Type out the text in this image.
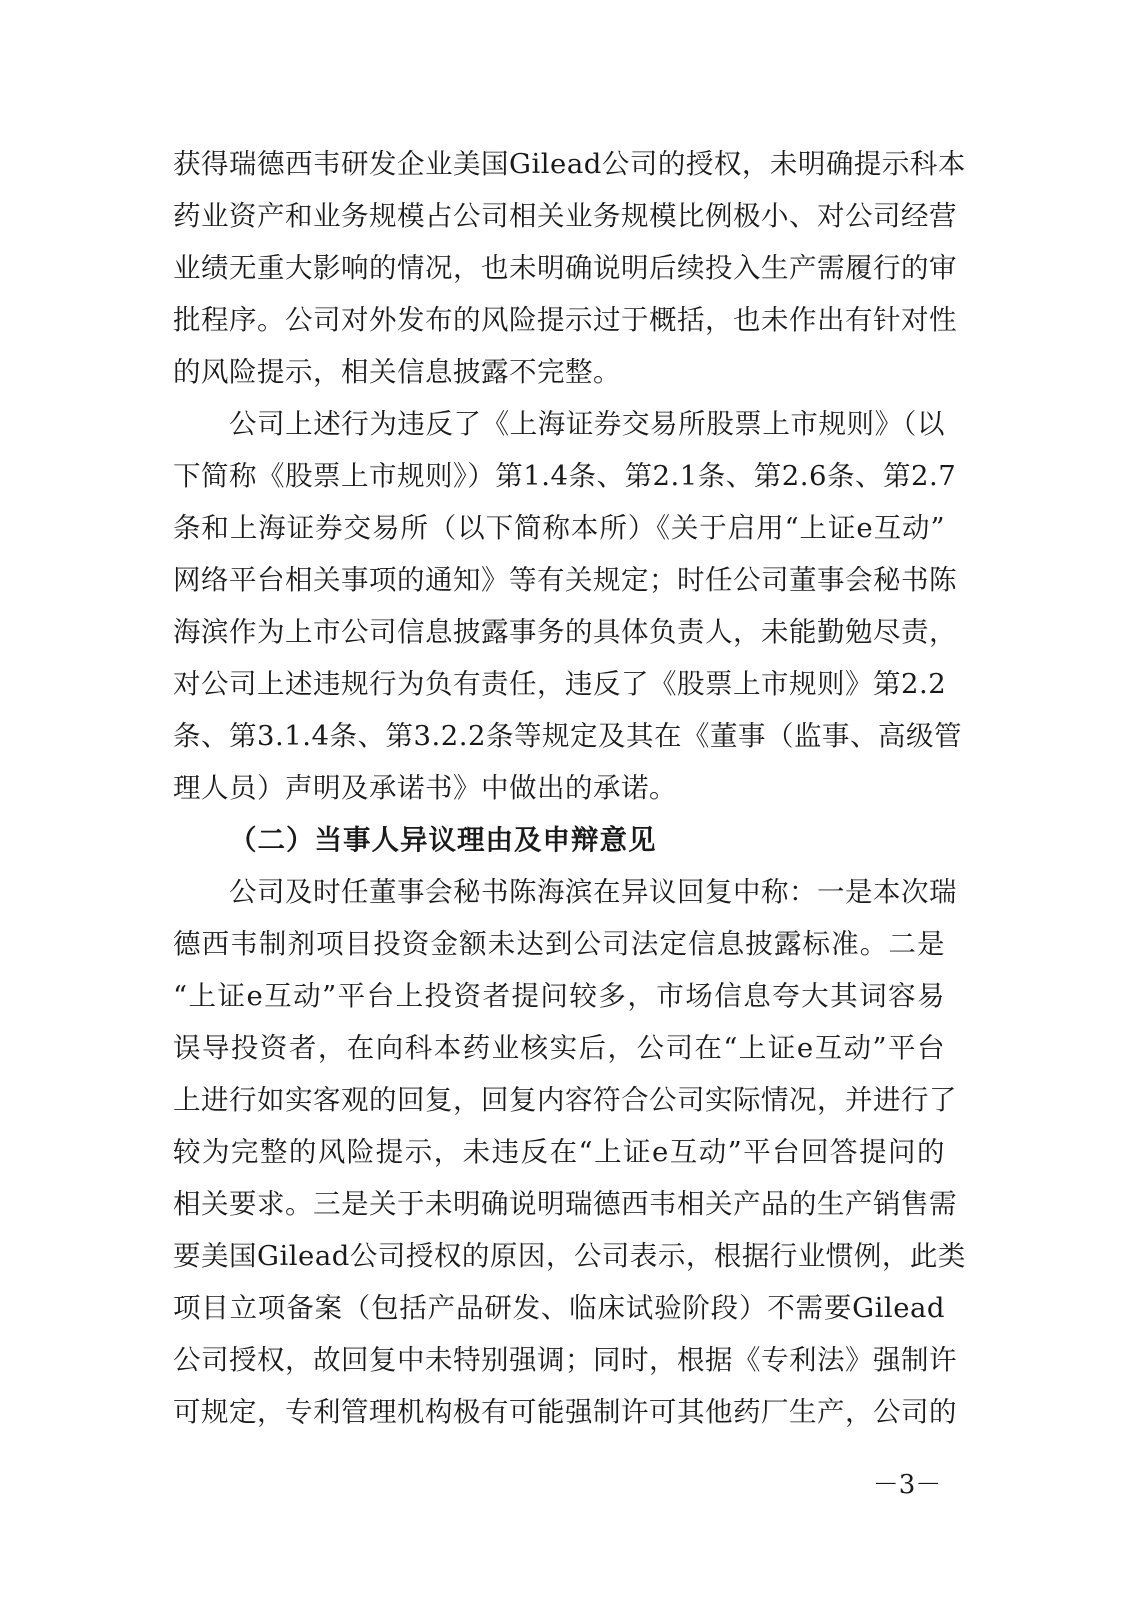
获得瑞德西韦研发企业美国Gilead公司的授权，未明确提示科本
药业资产和业务规模占公司相关业务规模比例极小、对公司经营
业绩无重大影响的情况，也未明确说明后续投入生产需履行的审
批程序。公司对外发布的风险提示过于概括，也未作出有针对性
的风险提示，相关信息披露不完整。
公司上述行为违反了《上海证券交易所股票上市规则》（以
下简称《股票上市规则》）第1.4条、第2.1条、第2.6条、第2.7
条和上海证券交易所（以下简称本所）《关于启用“上证e互动”
网络平台相关事项的通知》等有关规定；时任公司董事会秘书陈
海滨作为上市公司信息披露事务的具体负责人，未能勤勉尽责，
对公司上述违规行为负有责任，违反了《股票上市规则》第2.2
条、第3.1.4条、第3.2.2条等规定及其在《董事（监事、高级管
理人员）声明及承诺书》中做出的承诺。
（二）当事人异议理由及申辩意见
公司及时任董事会秘书陈海滨在异议回复中称：一是本次瑞
德西韦制剂项目投资金额未达到公司法定信息披露标准。二是
“上证e互动”平台上投资者提问较多，市场信息夸大其词容易
误导投资者，在向科本药业核实后，公司在“上证e互动”平台
上进行如实客观的回复，回复内容符合公司实际情况，并进行了
较为完整的风险提示，未违反在“上证e互动”平台回答提问的
相关要求。三是关于未明确说明瑞德西韦相关产品的生产销售需
要美国Gilead公司授权的原因，公司表示，根据行业惯例，此类
项目立项备案（包括产品研发、临床试验阶段）不需要Gilead
公司授权，故回复中未特别强调；同时，根据《专利法》强制许
可规定，专利管理机构极有可能强制许可其他药厂生产，公司的
－3－
